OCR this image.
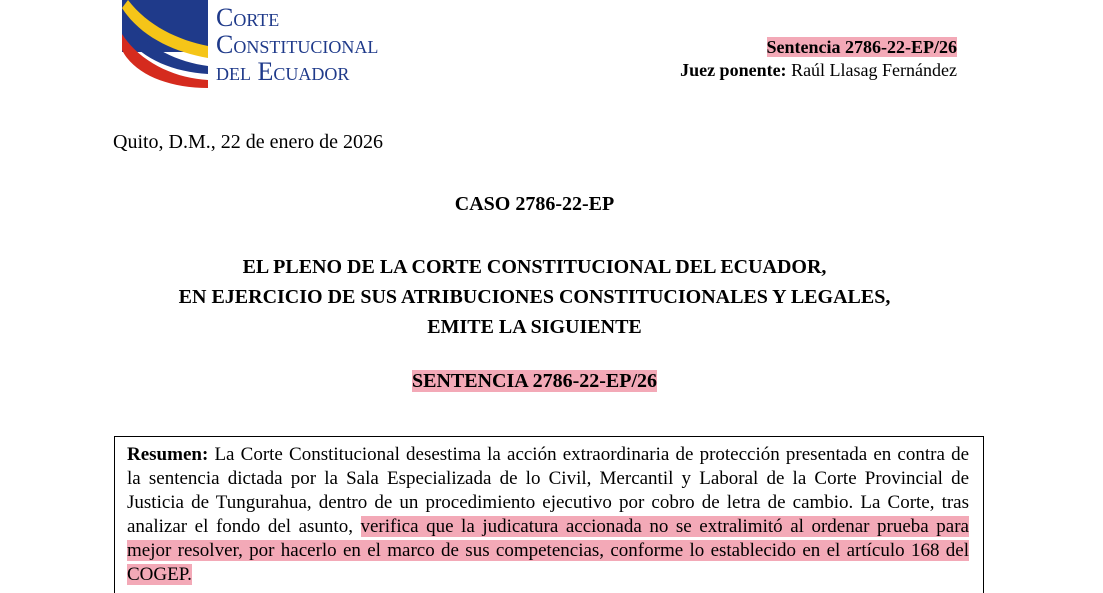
Corte
Constitucional
del Ecuador
Sentencia 2786-22-EP/26
Juez ponente: Raúl Llasag Fernández
Quito, D.M., 22 de enero de 2026
CASO 2786-22-EP
EL PLENO DE LA CORTE CONSTITUCIONAL DEL ECUADOR,
EN EJERCICIO DE SUS ATRIBUCIONES CONSTITUCIONALES Y LEGALES,
EMITE LA SIGUIENTE
SENTENCIA 2786-22-EP/26

Resumen: La Corte Constitucional desestima la acción extraordinaria de protección presentada en contra de la sentencia dictada por la Sala Especializada de lo Civil, Mercantil y Laboral de la Corte Provincial de Justicia de Tungurahua, dentro de un procedimiento ejecutivo por cobro de letra de cambio. La Corte, tras analizar el fondo del asunto, verifica que la judicatura accionada no se extralimitó al ordenar prueba para mejor resolver, por hacerlo en el marco de sus competencias, conforme lo establecido en el artículo 168 del COGEP.
